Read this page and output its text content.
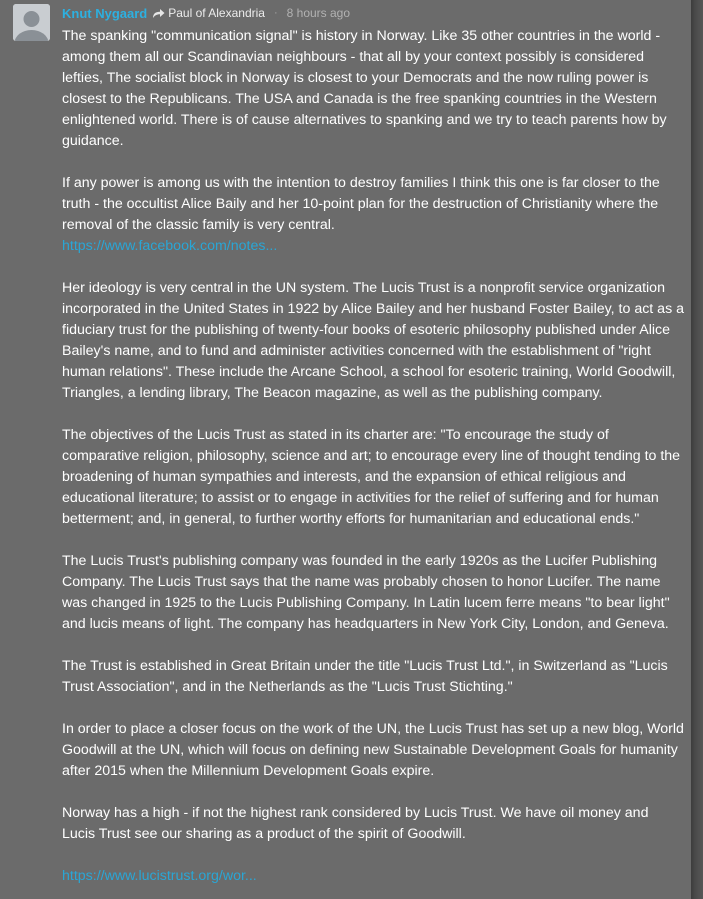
Knut Nygaard Paul of Alexandria · 8 hours ago

The spanking "communication signal" is history in Norway. Like 35 other countries in the world - among them all our Scandinavian neighbours - that all by your context possibly is considered lefties, The socialist block in Norway is closest to your Democrats and the now ruling power is closest to the Republicans. The USA and Canada is the free spanking countries in the Western enlightened world. There is of cause alternatives to spanking and we try to teach parents how by guidance.

If any power is among us with the intention to destroy families I think this one is far closer to the truth - the occultist Alice Baily and her 10-point plan for the destruction of Christianity where the removal of the classic family is very central.
https://www.facebook.com/notes...

Her ideology is very central in the UN system. The Lucis Trust is a nonprofit service organization incorporated in the United States in 1922 by Alice Bailey and her husband Foster Bailey, to act as a fiduciary trust for the publishing of twenty-four books of esoteric philosophy published under Alice Bailey's name, and to fund and administer activities concerned with the establishment of "right human relations". These include the Arcane School, a school for esoteric training, World Goodwill, Triangles, a lending library, The Beacon magazine, as well as the publishing company.

The objectives of the Lucis Trust as stated in its charter are: "To encourage the study of comparative religion, philosophy, science and art; to encourage every line of thought tending to the broadening of human sympathies and interests, and the expansion of ethical religious and educational literature; to assist or to engage in activities for the relief of suffering and for human betterment; and, in general, to further worthy efforts for humanitarian and educational ends."

The Lucis Trust's publishing company was founded in the early 1920s as the Lucifer Publishing Company. The Lucis Trust says that the name was probably chosen to honor Lucifer. The name was changed in 1925 to the Lucis Publishing Company. In Latin lucem ferre means "to bear light" and lucis means of light. The company has headquarters in New York City, London, and Geneva.

The Trust is established in Great Britain under the title "Lucis Trust Ltd.", in Switzerland as "Lucis Trust Association", and in the Netherlands as the "Lucis Trust Stichting."

In order to place a closer focus on the work of the UN, the Lucis Trust has set up a new blog, World Goodwill at the UN, which will focus on defining new Sustainable Development Goals for humanity after 2015 when the Millennium Development Goals expire.

Norway has a high - if not the highest rank considered by Lucis Trust. We have oil money and Lucis Trust see our sharing as a product of the spirit of Goodwill.

https://www.lucistrust.org/wor...
